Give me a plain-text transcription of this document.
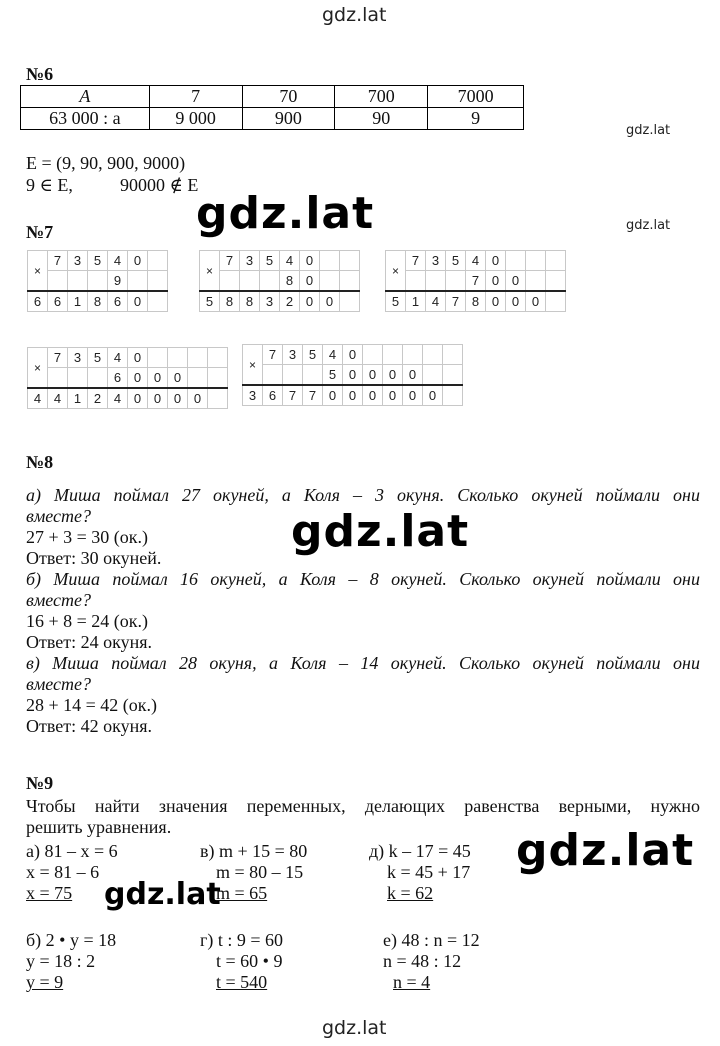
gdz.lat
gdz.lat
gdz.lat
gdz.lat
gdz.lat
gdz.lat
gdz.lat
gdz.lat
№6
A	7	70	700	7000
63 000 : a	9 000	900	90	9
E = (9, 90, 900, 9000)
9 ∈ E,	90000 ∉ E
№7
×	7	3	5	4	0	
				9		
6	6	1	8	6	0	
×	7	3	5	4	0		
				8	0		
5	8	8	3	2	0	0	
×	7	3	5	4	0			
				7	0	0		
5	1	4	7	8	0	0	0	
×	7	3	5	4	0				
				6	0	0	0		
4	4	1	2	4	0	0	0	0	
×	7	3	5	4	0					
				5	0	0	0	0		
3	6	7	7	0	0	0	0	0	0	
№8
а) Миша поймал 27 окуней, а Коля – 3 окуня. Сколько окуней поймали они
вместе?
27 + 3 = 30 (ок.)
Ответ: 30 окуней.
б) Миша поймал 16 окуней, а Коля – 8 окуней. Сколько окуней поймали они
вместе?
16 + 8 = 24 (ок.)
Ответ: 24 окуня.
в) Миша поймал 28 окуня, а Коля – 14 окуней. Сколько окуней поймали они
вместе?
28 + 14 = 42 (ок.)
Ответ: 42 окуня.
№9
Чтобы найти значения переменных, делающих равенства верными, нужно
решить уравнения.
а) 81 – x = 6
x = 81 – 6
x = 75
в) m + 15 = 80
m = 80 – 15
m = 65
д) k – 17 = 45
k = 45 + 17
k = 62
б) 2 • y = 18
y = 18 : 2
y = 9
г) t : 9 = 60
t = 60 • 9
t = 540
е) 48 : n = 12
n = 48 : 12
n = 4
